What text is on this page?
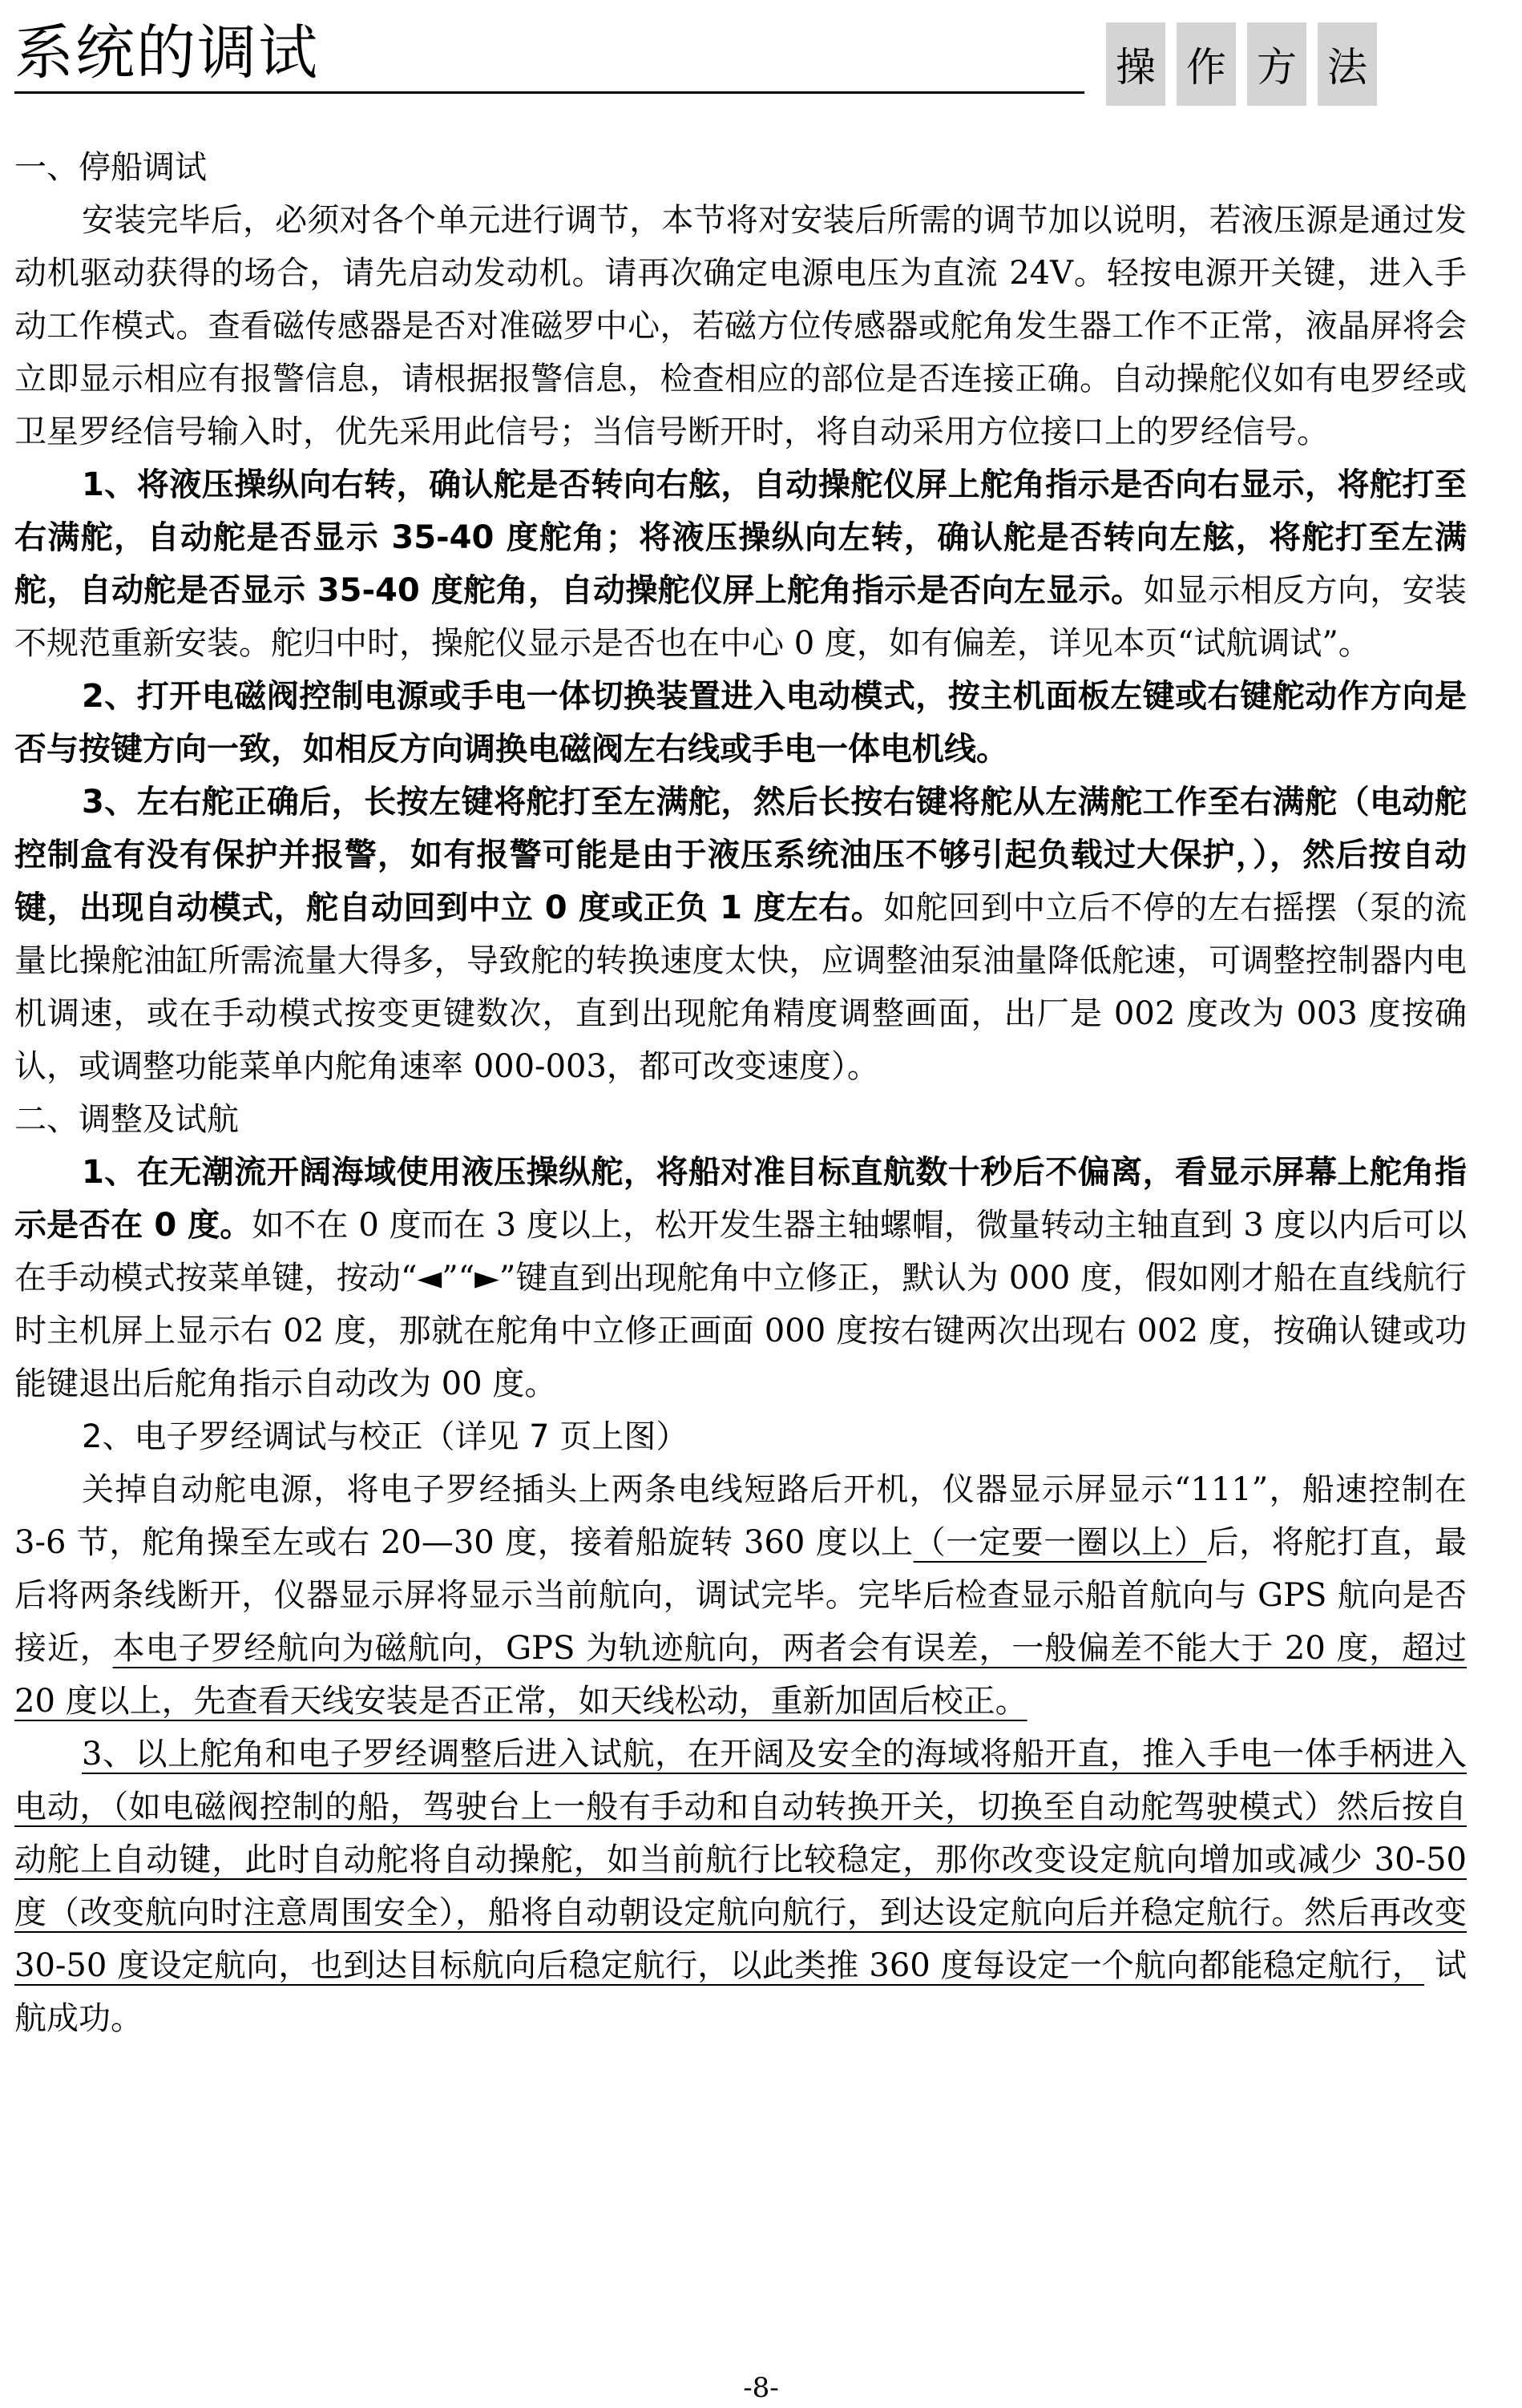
系统的调试	操 作 方 法
一、停船调试

安装完毕后，必须对各个单元进行调节，本节将对安装后所需的调节加以说明，若液压源是通过发动机驱动获得的场合，请先启动发动机。请再次确定电源电压为直流 24V。轻按电源开关键，进入手动工作模式。查看磁传感器是否对准磁罗中心，若磁方位传感器或舵角发生器工作不正常，液晶屏将会立即显示相应有报警信息，请根据报警信息，检查相应的部位是否连接正确。自动操舵仪如有电罗经或卫星罗经信号输入时，优先采用此信号；当信号断开时，将自动采用方位接口上的罗经信号。

1、将液压操纵向右转，确认舵是否转向右舷，自动操舵仪屏上舵角指示是否向右显示，将舵打至右满舵，自动舵是否显示 35-40 度舵角；将液压操纵向左转，确认舵是否转向左舷，将舵打至左满舵，自动舵是否显示 35-40 度舵角，自动操舵仪屏上舵角指示是否向左显示。如显示相反方向，安装不规范重新安装。舵归中时，操舵仪显示是否也在中心 0 度，如有偏差，详见本页“试航调试”。

2、打开电磁阀控制电源或手电一体切换装置进入电动模式，按主机面板左键或右键舵动作方向是否与按键方向一致，如相反方向调换电磁阀左右线或手电一体电机线。

3、左右舵正确后，长按左键将舵打至左满舵，然后长按右键将舵从左满舵工作至右满舵（电动舵控制盒有没有保护并报警，如有报警可能是由于液压系统油压不够引起负载过大保护，），然后按自动键，出现自动模式，舵自动回到中立 0 度或正负 1 度左右。如舵回到中立后不停的左右摇摆（泵的流量比操舵油缸所需流量大得多，导致舵的转换速度太快，应调整油泵油量降低舵速，可调整控制器内电机调速，或在手动模式按变更键数次，直到出现舵角精度调整画面，出厂是 002 度改为 003 度按确认，或调整功能菜单内舵角速率 000-003，都可改变速度）。

二、调整及试航

1、在无潮流开阔海域使用液压操纵舵，将船对准目标直航数十秒后不偏离，看显示屏幕上舵角指示是否在 0 度。如不在 0 度而在 3 度以上，松开发生器主轴螺帽，微量转动主轴直到 3 度以内后可以在手动模式按菜单键，按动“◄”“►”键直到出现舵角中立修正，默认为 000 度，假如刚才船在直线航行时主机屏上显示右 02 度，那就在舵角中立修正画面 000 度按右键两次出现右 002 度，按确认键或功能键退出后舵角指示自动改为 00 度。

2、电子罗经调试与校正（详见 7 页上图）

关掉自动舵电源，将电子罗经插头上两条电线短路后开机，仪器显示屏显示“111”，船速控制在 3-6 节，舵角操至左或右 20—30 度，接着船旋转 360 度以上（一定要一圈以上）后，将舵打直，最后将两条线断开，仪器显示屏将显示当前航向，调试完毕。完毕后检查显示船首航向与 GPS 航向是否接近，本电子罗经航向为磁航向，GPS 为轨迹航向，两者会有误差，一般偏差不能大于 20 度，超过 20 度以上，先查看天线安装是否正常，如天线松动，重新加固后校正。

3、以上舵角和电子罗经调整后进入试航，在开阔及安全的海域将船开直，推入手电一体手柄进入电动，（如电磁阀控制的船，驾驶台上一般有手动和自动转换开关，切换至自动舵驾驶模式）然后按自动舵上自动键，此时自动舵将自动操舵，如当前航行比较稳定，那你改变设定航向增加或减少 30-50 度（改变航向时注意周围安全），船将自动朝设定航向航行，到达设定航向后并稳定航行。然后再改变 30-50 度设定航向，也到达目标航向后稳定航行，以此类推 360 度每设定一个航向都能稳定航行， 试航成功。

-8-
